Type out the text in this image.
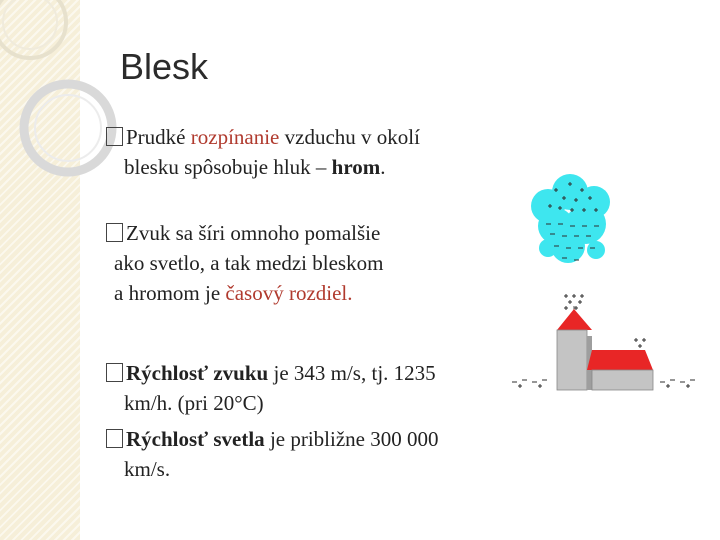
Blesk
Prudké rozpínanie vzduchu v okolí
blesku spôsobuje hluk – hrom.
Zvuk sa šíri omnoho pomalšie
ako svetlo, a tak medzi bleskom
a hromom je časový rozdiel.
Rýchlosť zvuku je 343 m/s, tj. 1235
km/h. (pri 20°C)
Rýchlosť svetla je približne 300 000
km/s.
